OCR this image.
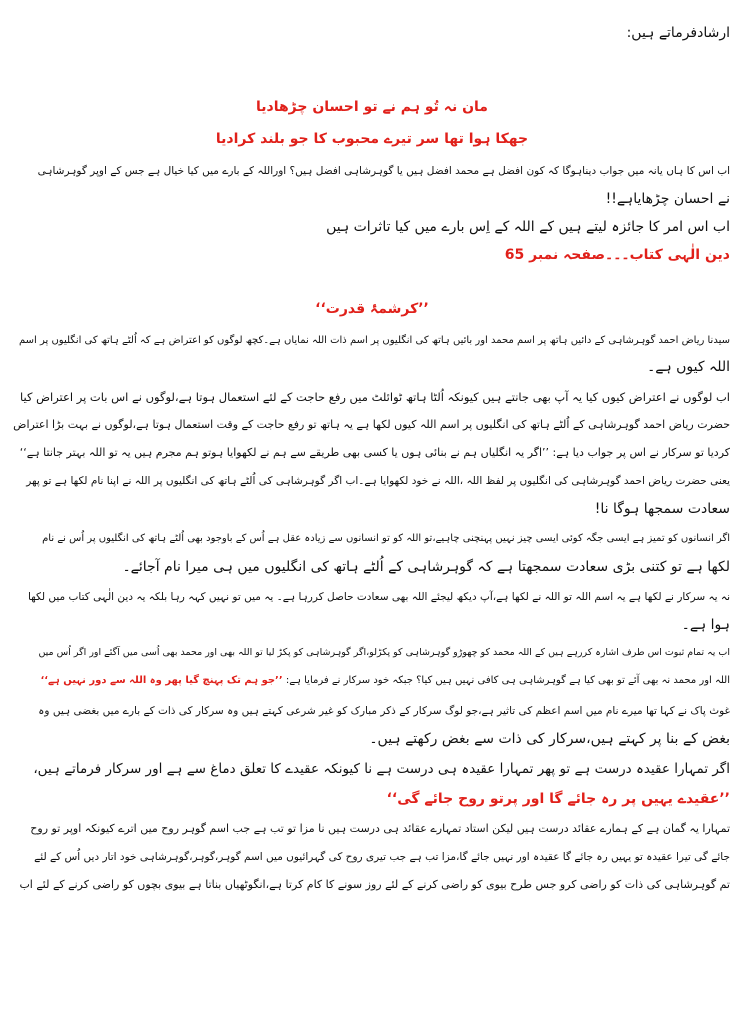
ارشادفرماتے ہیں:
مان نہ تُو ہم نے تو احسان چڑھادیا
جھکا ہوا تھا سر تیرے محبوب کا جو بلند کرادیا
اب اس کا ہاں یانہ میں جواب دیناہوگا کہ کون افضل ہے محمد افضل ہیں یا گوہرشاہی افضل ہیں؟ اوراللہ کے بارے میں کیا خیال ہے جس کے اوپر گوہرشاہی
نے احسان چڑھایاہے!!
اب اس امر کا جائزہ لیتے ہیں کے اللہ کے اِس بارے میں کیا تاثرات ہیں
دین الٰہی کتاب۔۔۔صفحہ نمبر 65
’’کرشمۂ قدرت‘‘
سیدنا ریاض احمد گوہرشاہی کے دائیں ہاتھ پر اسم محمد اور بائیں ہاتھ کی انگلیوں پر اسم ذات اللہ نمایاں ہے۔کچھ لوگوں کو اعتراض ہے کہ اُلٹے ہاتھ کی انگلیوں پر اسم
اللہ کیوں ہے۔
اب لوگوں نے اعتراض کیوں کیا یہ آپ بھی جانتے ہیں کیونکہ اُلٹا ہاتھ ٹوائلٹ میں رفع حاجت کے لئے استعمال ہوتا ہے،لوگوں نے اس بات پر اعتراض کیا
حضرت ریاض احمد گوہرشاہی کے اُلٹے ہاتھ کی انگلیوں پر اسم اللہ کیوں لکھا ہے یہ ہاتھ تو رفع حاجت کے وقت استعمال ہوتا ہے،لوگوں نے بہت بڑا اعتراض
کردیا تو سرکار نے اس پر جواب دیا ہے: ’’اگر یہ انگلیاں ہم نے بنائی ہوں یا کسی بھی طریقے سے ہم نے لکھوایا ہوتو ہم مجرم ہیں یہ تو اللہ بہتر جانتا ہے‘‘
یعنی حضرت ریاض احمد گوہرشاہی کی انگلیوں پر لفظ اللہ ،اللہ نے خود لکھوایا ہے۔اب اگر گوہرشاہی کی اُلٹے ہاتھ کی انگلیوں پر اللہ نے اپنا نام لکھا ہے تو پھر
سعادت سمجھا ہوگا نا!
اگر انسانوں کو تمیز ہے ایسی جگہ کوئی ایسی چیز نہیں پہنچنی چاہیے،تو اللہ کو تو انسانوں سے زیادہ عقل ہے اُس کے باوجود بھی اُلٹے ہاتھ کی انگلیوں پر اُس نے نام
لکھا ہے تو کتنی بڑی سعادت سمجھتا ہے کہ گوہرشاہی کے اُلٹے ہاتھ کی انگلیوں میں ہی میرا نام آجائے۔
نہ یہ سرکار نے لکھا ہے یہ اسم اللہ تو اللہ نے لکھا ہے،آپ دیکھ لیجئے اللہ بھی سعادت حاصل کررہا ہے۔ یہ میں تو نہیں کہہ رہا بلکہ یہ دین الٰہی کتاب میں لکھا
ہوا ہے۔
اب یہ تمام ثبوت اس طرف اشارہ کررہے ہیں کے اللہ محمد کو چھوڑو گوہرشاہی کو پکڑلو،اگر گوہرشاہی کو پکڑ لیا تو اللہ بھی اور محمد بھی اُسی میں آگئے اور اگر اُس میں
اللہ اور محمد نہ بھی آئے تو بھی کیا ہے گوہرشاہی ہی کافی نہیں ہیں کیا؟ جبکہ خود سرکار نے فرمایا ہے: ’’جو ہم تک پہنچ گیا پھر وہ اللہ سے دور نہیں ہے‘‘
غوث پاک نے کہا تھا میرے نام میں اسم اعظم کی تاثیر ہے،جو لوگ سرکار کے ذکر مبارک کو غیر شرعی کہتے ہیں وہ سرکار کی ذات کے بارے میں بغضی ہیں وہ
بغض کے بنا پر کہتے ہیں،سرکار کی ذات سے بغض رکھتے ہیں۔
اگر تمہارا عقیدہ درست ہے تو پھر تمہارا عقیدہ ہی درست ہے نا کیونکہ عقیدے کا تعلق دماغ سے ہے اور سرکار فرماتے ہیں،
’’عقیدے یہیں پر رہ جائے گا اور پرتو روح جائے گی‘‘
تمہارا یہ گمان ہے کے ہمارے عقائد درست ہیں لیکن استاد تمہارے عقائد ہی درست ہیں نا مزا تو تب ہے جب اسم گوہر روح میں اترے کیونکہ اوپر تو روح
جائے گی تیرا عقیدہ تو یہیں رہ جائے گا عقیدہ اور نہیں جائے گا،مزا تب ہے جب تیری روح کی گہرائیوں میں اسم گوہر،گوہر،گوہرشاہی خود اتار دیں اُس کے لئے
تم گوہرشاہی کی ذات کو راضی کرو جس طرح بیوی کو راضی کرنے کے لئے روز سونے کا کام کرتا ہے،انگوٹھیاں بناتا ہے بیوی بچوں کو راضی کرنے کے لئے اب
